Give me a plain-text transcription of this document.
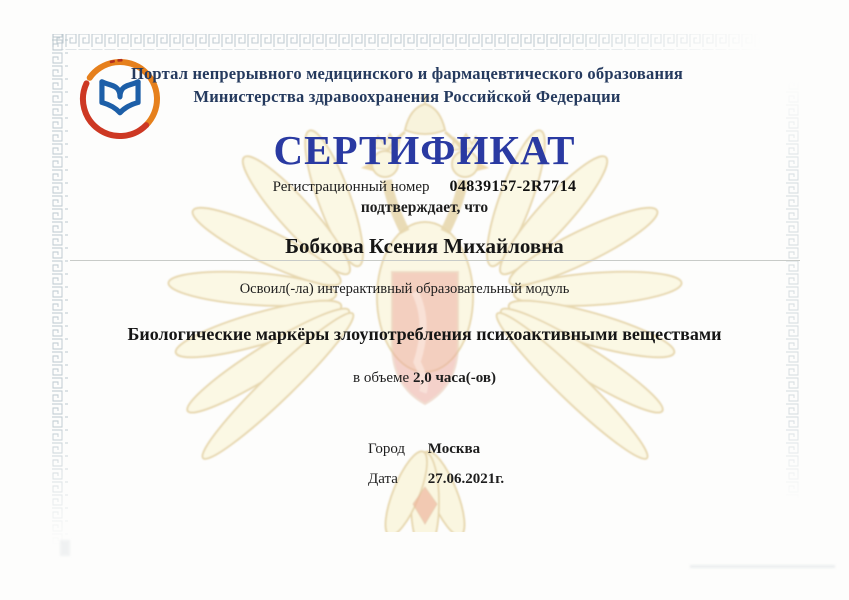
Портал непрерывного медицинского и фармацевтического образования
Министерства здравоохранения Российской Федерации
СЕРТИФИКАТ
Регистрационный номер 04839157-2R7714
подтверждает, что
Бобкова Ксения Михайловна
Освоил(-ла) интерактивный образовательный модуль
Биологические маркёры злоупотребления психоактивными веществами
в объеме 2,0 часа(-ов)
Город Москва
Дата 27.06.2021г.
